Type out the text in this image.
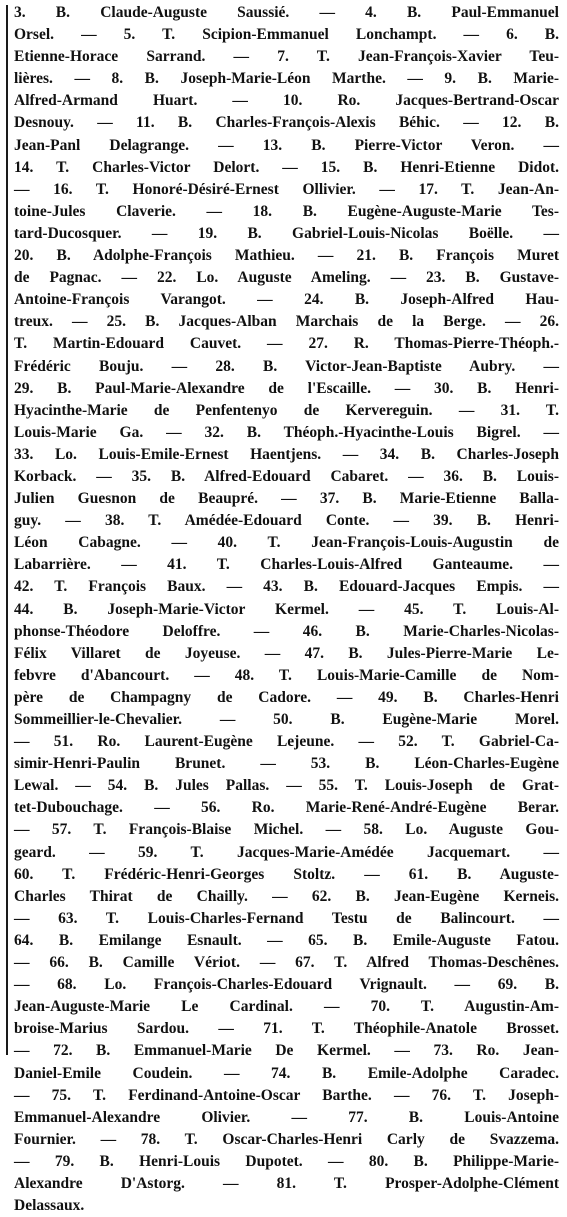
3. B. Claude-Auguste Saussié. — 4. B. Paul-Emmanuel
Orsel. — 5. T. Scipion-Emmanuel Lonchampt. — 6. B.
Etienne-Horace Sarrand. — 7. T. Jean-François-Xavier Teu-
lières. — 8. B. Joseph-Marie-Léon Marthe. — 9. B. Marie-
Alfred-Armand Huart. — 10. Ro. Jacques-Bertrand-Oscar
Desnouy. — 11. B. Charles-François-Alexis Béhic. — 12. B.
Jean-Panl Delagrange. — 13. B. Pierre-Victor Veron. —
14. T. Charles-Victor Delort. — 15. B. Henri-Etienne Didot.
— 16. T. Honoré-Désiré-Ernest Ollivier. — 17. T. Jean-An-
toine-Jules Claverie. — 18. B. Eugène-Auguste-Marie Tes-
tard-Ducosquer. — 19. B. Gabriel-Louis-Nicolas Boëlle. —
20. B. Adolphe-François Mathieu. — 21. B. François Muret
de Pagnac. — 22. Lo. Auguste Ameling. — 23. B. Gustave-
Antoine-François Varangot. — 24. B. Joseph-Alfred Hau-
treux. — 25. B. Jacques-Alban Marchais de la Berge. — 26.
T. Martin-Edouard Cauvet. — 27. R. Thomas-Pierre-Théoph.-
Frédéric Bouju. — 28. B. Victor-Jean-Baptiste Aubry. —
29. B. Paul-Marie-Alexandre de l'Escaille. — 30. B. Henri-
Hyacinthe-Marie de Penfentenyo de Kervereguin. — 31. T.
Louis-Marie Ga. — 32. B. Théoph.-Hyacinthe-Louis Bigrel. —
33. Lo. Louis-Emile-Ernest Haentjens. — 34. B. Charles-Joseph
Korback. — 35. B. Alfred-Edouard Cabaret. — 36. B. Louis-
Julien Guesnon de Beaupré. — 37. B. Marie-Etienne Balla-
guy. — 38. T. Amédée-Edouard Conte. — 39. B. Henri-
Léon Cabagne. — 40. T. Jean-François-Louis-Augustin de
Labarrière. — 41. T. Charles-Louis-Alfred Ganteaume. —
42. T. François Baux. — 43. B. Edouard-Jacques Empis. —
44. B. Joseph-Marie-Victor Kermel. — 45. T. Louis-Al-
phonse-Théodore Deloffre. — 46. B. Marie-Charles-Nicolas-
Félix Villaret de Joyeuse. — 47. B. Jules-Pierre-Marie Le-
febvre d'Abancourt. — 48. T. Louis-Marie-Camille de Nom-
père de Champagny de Cadore. — 49. B. Charles-Henri
Sommeillier-le-Chevalier. — 50. B. Eugène-Marie Morel.
— 51. Ro. Laurent-Eugène Lejeune. — 52. T. Gabriel-Ca-
simir-Henri-Paulin Brunet. — 53. B. Léon-Charles-Eugène
Lewal. — 54. B. Jules Pallas. — 55. T. Louis-Joseph de Grat-
tet-Dubouchage. — 56. Ro. Marie-René-André-Eugène Berar.
— 57. T. François-Blaise Michel. — 58. Lo. Auguste Gou-
geard. — 59. T. Jacques-Marie-Amédée Jacquemart. —
60. T. Frédéric-Henri-Georges Stoltz. — 61. B. Auguste-
Charles Thirat de Chailly. — 62. B. Jean-Eugène Kerneis.
— 63. T. Louis-Charles-Fernand Testu de Balincourt. —
64. B. Emilange Esnault. — 65. B. Emile-Auguste Fatou.
— 66. B. Camille Vériot. — 67. T. Alfred Thomas-Deschênes.
— 68. Lo. François-Charles-Edouard Vrignault. — 69. B.
Jean-Auguste-Marie Le Cardinal. — 70. T. Augustin-Am-
broise-Marius Sardou. — 71. T. Théophile-Anatole Brosset.
— 72. B. Emmanuel-Marie De Kermel. — 73. Ro. Jean-
Daniel-Emile Coudein. — 74. B. Emile-Adolphe Caradec.
— 75. T. Ferdinand-Antoine-Oscar Barthe. — 76. T. Joseph-
Emmanuel-Alexandre Olivier. — 77. B. Louis-Antoine
Fournier. — 78. T. Oscar-Charles-Henri Carly de Svazzema.
— 79. B. Henri-Louis Dupotet. — 80. B. Philippe-Marie-
Alexandre D'Astorg. — 81. T. Prosper-Adolphe-Clément
Delassaux.
